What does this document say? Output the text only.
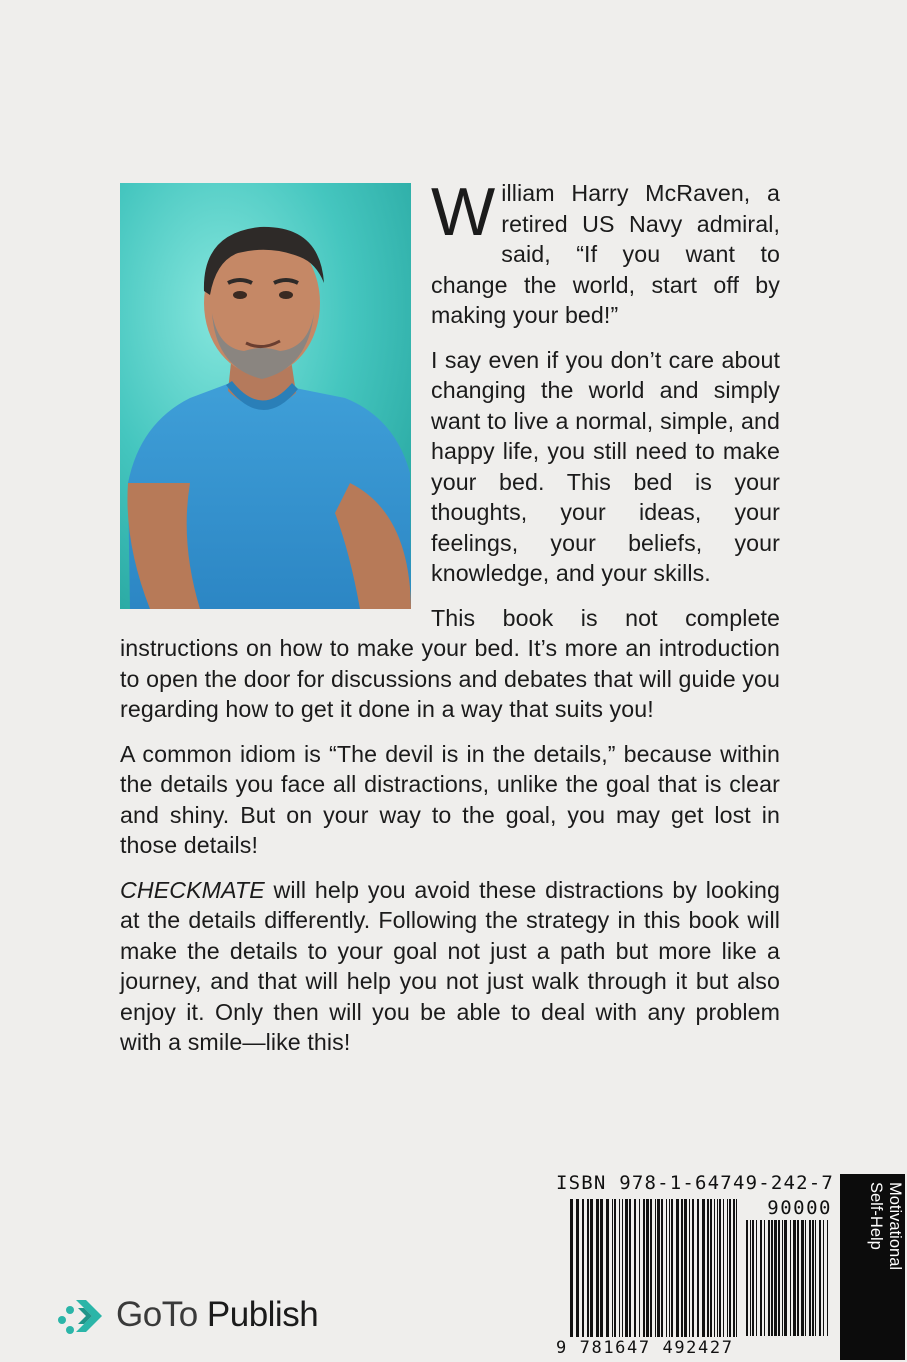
William Harry McRaven, a retired US Navy admiral, said, “If you want to change the world, start off by making your bed!”

I say even if you don’t care about changing the world and simply want to live a normal, simple, and happy life, you still need to make your bed. This bed is your thoughts, your ideas, your feelings, your beliefs, your knowledge, and your skills.

This book is not complete instructions on how to make your bed. It’s more an introduction to open the door for discussions and debates that will guide you regarding how to get it done in a way that suits you!

A common idiom is “The devil is in the details,” because within the details you face all distractions, unlike the goal that is clear and shiny. But on your way to the goal, you may get lost in those details!

CHECKMATE will help you avoid these distractions by looking at the details differently. Following the strategy in this book will make the details to your goal not just a path but more like a journey, and that will help you not just walk through it but also enjoy it. Only then will you be able to deal with any problem with a smile—like this!

ISBN 978-1-64749-242-7
90000
9 781647 492427
Motivational
Self-Help
GoTo Publish
